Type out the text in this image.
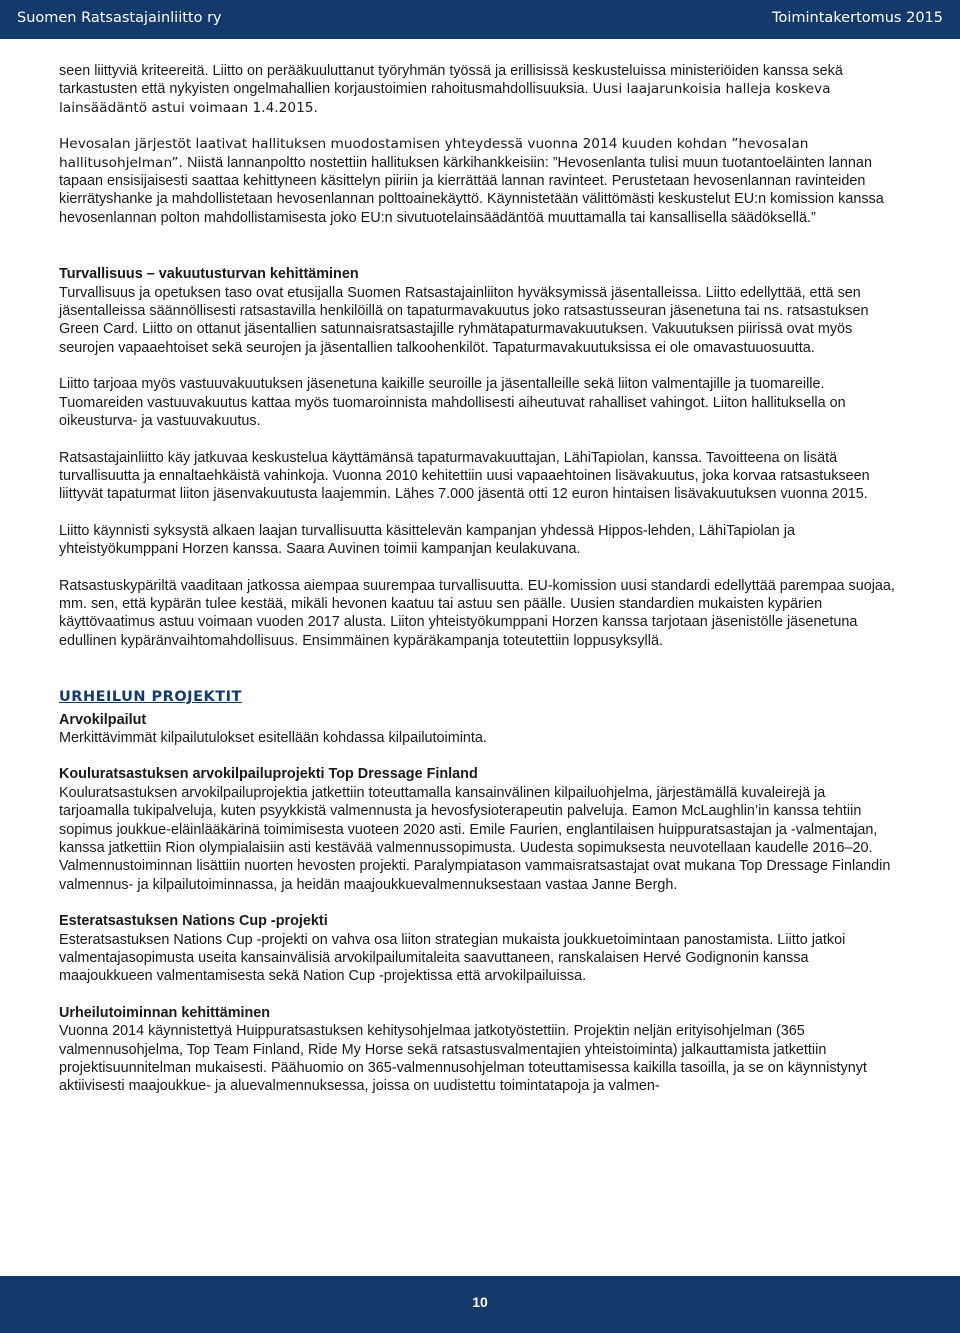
Suomen Ratsastajainliitto ry	Toimintakertomus 2015

seen liittyviä kriteereitä. Liitto on perääkuuluttanut työryhmän työssä ja erillisissä keskusteluissa ministeriöiden kanssa sekä tarkastusten että nykyisten ongelmahallien korjaustoimien rahoitusmahdollisuuksia. Uusi laajarunkoisia halleja koskeva lainsäädäntö astui voimaan 1.4.2015.

Hevosalan järjestöt laativat hallituksen muodostamisen yhteydessä vuonna 2014 kuuden kohdan ”hevosalan hallitusohjelman”. Niistä lannanpoltto nostettiin hallituksen kärkihankkeisiin: ”Hevosenlanta tulisi muun tuotantoeläinten lannan tapaan ensisijaisesti saattaa kehittyneen käsittelyn piiriin ja kierrättää lannan ravinteet. Perustetaan hevosenlannan ravinteiden kierrätyshanke ja mahdollistetaan hevosenlannan polttoainekäyttö. Käynnistetään välittömästi keskustelut EU:n komission kanssa hevosenlannan polton mahdollistamisesta joko EU:n sivutuotelainsäädäntöä muuttamalla tai kansallisella säädöksellä.”

Turvallisuus – vakuutusturvan kehittäminen

Turvallisuus ja opetuksen taso ovat etusijalla Suomen Ratsastajainliiton hyväksymissä jäsentalleissa. Liitto edellyttää, että sen jäsentalleissa säännöllisesti ratsastavilla henkilöillä on tapaturmavakuutus joko ratsastusseuran jäsenetuna tai ns. ratsastuksen Green Card. Liitto on ottanut jäsentallien satunnaisratsastajille ryhmätapaturmavakuutuksen. Vakuutuksen piirissä ovat myös seurojen vapaaehtoiset sekä seurojen ja jäsentallien talkoohenkilöt. Tapaturmavakuutuksissa ei ole omavastuuosuutta.

Liitto tarjoaa myös vastuuvakuutuksen jäsenetuna kaikille seuroille ja jäsentalleille sekä liiton valmentajille ja tuomareille. Tuomareiden vastuuvakuutus kattaa myös tuomaroinnista mahdollisesti aiheutuvat rahalliset vahingot. Liiton hallituksella on oikeusturva- ja vastuuvakuutus.

Ratsastajainliitto käy jatkuvaa keskustelua käyttämänsä tapaturmavakuuttajan, LähiTapiolan, kanssa. Tavoitteena on lisätä turvallisuutta ja ennaltaehkäistä vahinkoja. Vuonna 2010 kehitettiin uusi vapaaehtoinen lisävakuutus, joka korvaa ratsastukseen liittyvät tapaturmat liiton jäsenvakuutusta laajemmin. Lähes 7.000 jäsentä otti 12 euron hintaisen lisävakuutuksen vuonna 2015.

Liitto käynnisti syksystä alkaen laajan turvallisuutta käsittelevän kampanjan yhdessä Hippos-lehden, LähiTapiolan ja yhteistyökumppani Horzen kanssa. Saara Auvinen toimii kampanjan keulakuvana.

Ratsastuskypäriltä vaaditaan jatkossa aiempaa suurempaa turvallisuutta. EU-komission uusi standardi edellyttää parempaa suojaa, mm. sen, että kypärän tulee kestää, mikäli hevonen kaatuu tai astuu sen päälle. Uusien standardien mukaisten kypärien käyttövaatimus astuu voimaan vuoden 2017 alusta. Liiton yhteistyökumppani Horzen kanssa tarjotaan jäsenistölle jäsenetuna edullinen kypäränvaihtomahdollisuus. Ensimmäinen kypäräkampanja toteutettiin loppusyksyllä.

URHEILUN PROJEKTIT

Arvokilpailut

Merkittävimmät kilpailutulokset esitellään kohdassa kilpailutoiminta.

Kouluratsastuksen arvokilpailuprojekti Top Dressage Finland

Kouluratsastuksen arvokilpailuprojektia jatkettiin toteuttamalla kansainvälinen kilpailuohjelma, järjestämällä kuvaleirejä ja tarjoamalla tukipalveluja, kuten psyykkistä valmennusta ja hevosfysioterapeutin palveluja. Eamon McLaughlin’in kanssa tehtiin sopimus joukkue-eläinlääkärinä toimimisesta vuoteen 2020 asti. Emile Faurien, englantilaisen huippuratsastajan ja -valmentajan, kanssa jatkettiin Rion olympialaisiin asti kestävää valmennussopimusta. Uudesta sopimuksesta neuvotellaan kaudelle 2016–20. Valmennustoiminnan lisättiin nuorten hevosten projekti. Paralympiatason vammaisratsastajat ovat mukana Top Dressage Finlandin valmennus- ja kilpailutoiminnassa, ja heidän maajoukkuevalmennuksestaan vastaa Janne Bergh.

Esteratsastuksen Nations Cup -projekti

Esteratsastuksen Nations Cup -projekti on vahva osa liiton strategian mukaista joukkuetoimintaan panostamista. Liitto jatkoi valmentajasopimusta useita kansainvälisiä arvokilpailumitaleita saavuttaneen, ranskalaisen Hervé Godignonin kanssa maajoukkueen valmentamisesta sekä Nation Cup -projektissa että arvokilpailuissa.

Urheilutoiminnan kehittäminen

Vuonna 2014 käynnistettyä Huippuratsastuksen kehitysohjelmaa jatkotyöstettiin. Projektin neljän erityisohjelman (365 valmennusohjelma, Top Team Finland, Ride My Horse sekä ratsastusvalmentajien yhteistoiminta) jalkauttamista jatkettiin projektisuunnitelman mukaisesti. Päähuomio on 365-valmennusohjelman toteuttamisessa kaikilla tasoilla, ja se on käynnistynyt aktiivisesti maajoukkue- ja aluevalmennuksessa, joissa on uudistettu toimintatapoja ja valmen-

10
